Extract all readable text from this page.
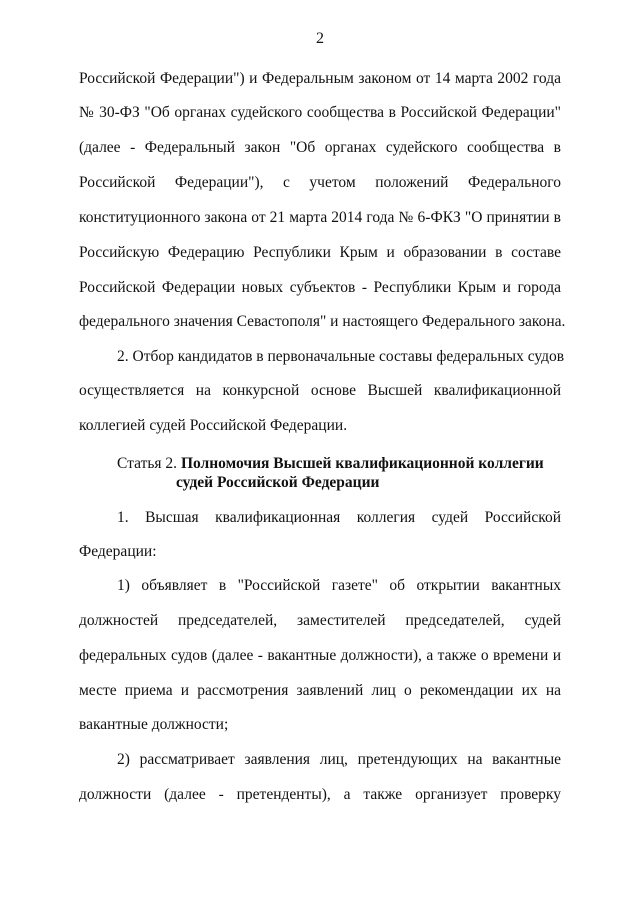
2
Российской Федерации") и Федеральным законом от 14 марта 2002 года
№ 30-ФЗ "Об органах судейского сообщества в Российской Федерации"
(далее - Федеральный закон "Об органах судейского сообщества в
Российской Федерации"), с учетом положений Федерального
конституционного закона от 21 марта 2014 года № 6-ФКЗ "О принятии в
Российскую Федерацию Республики Крым и образовании в составе
Российской Федерации новых субъектов - Республики Крым и города
федерального значения Севастополя" и настоящего Федерального закона.
2. Отбор кандидатов в первоначальные составы федеральных судов
осуществляется на конкурсной основе Высшей квалификационной
коллегией судей Российской Федерации.
Статья 2. Полномочия Высшей квалификационной коллегии
судей Российской Федерации
1. Высшая квалификационная коллегия судей Российской
Федерации:
1) объявляет в "Российской газете" об открытии вакантных
должностей председателей, заместителей председателей, судей
федеральных судов (далее - вакантные должности), а также о времени и
месте приема и рассмотрения заявлений лиц о рекомендации их на
вакантные должности;
2) рассматривает заявления лиц, претендующих на вакантные
должности (далее - претенденты), а также организует проверку
